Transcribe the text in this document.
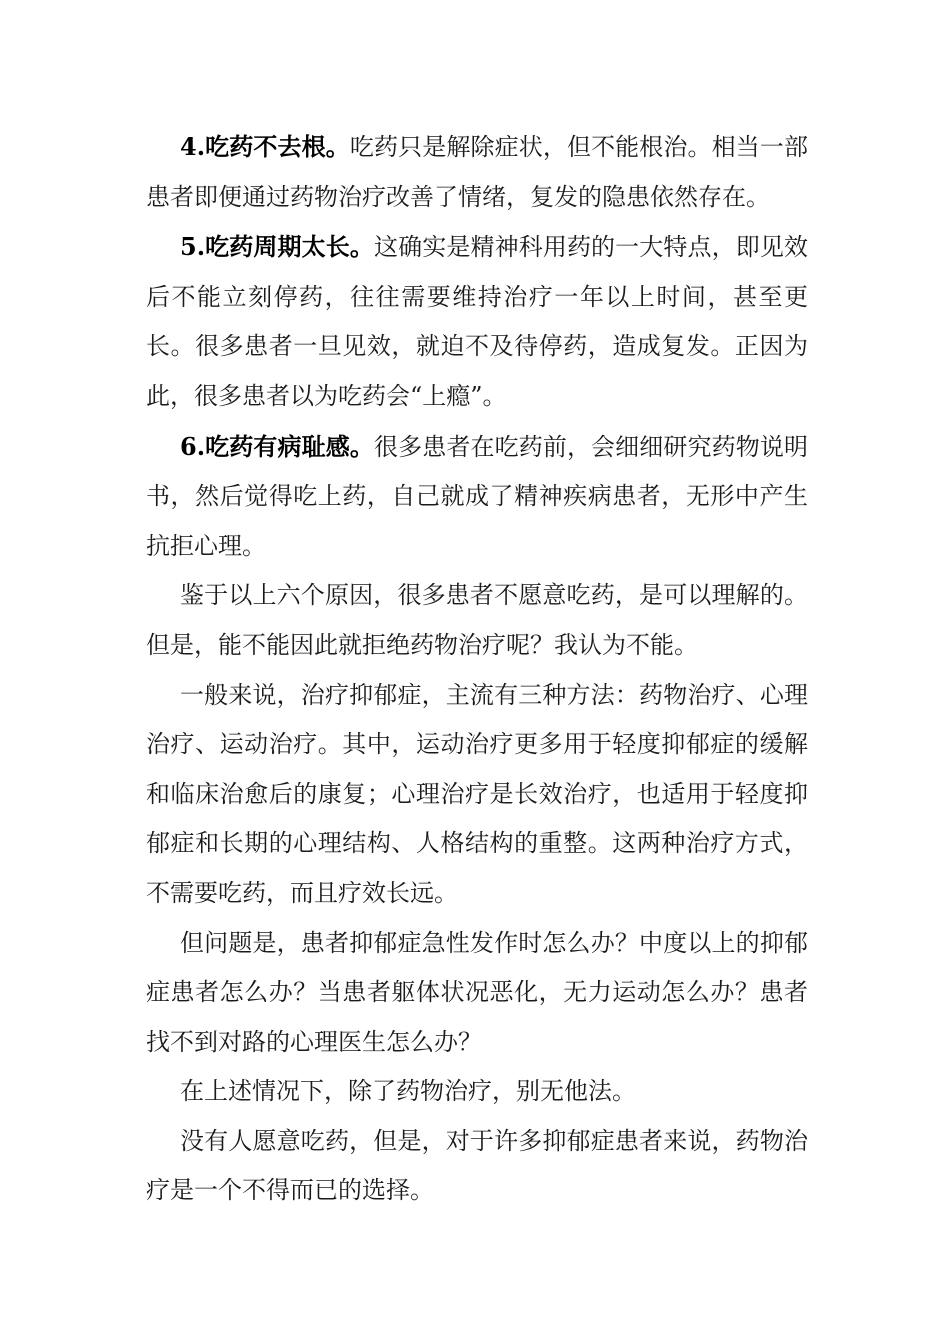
4.吃药不去根。吃药只是解除症状，但不能根治。相当一部患者即便通过药物治疗改善了情绪，复发的隐患依然存在。

5.吃药周期太长。这确实是精神科用药的一大特点，即见效后不能立刻停药，往往需要维持治疗一年以上时间，甚至更长。很多患者一旦见效，就迫不及待停药，造成复发。正因为此，很多患者以为吃药会“上瘾”。

6.吃药有病耻感。很多患者在吃药前，会细细研究药物说明书，然后觉得吃上药，自己就成了精神疾病患者，无形中产生抗拒心理。

鉴于以上六个原因，很多患者不愿意吃药，是可以理解的。但是，能不能因此就拒绝药物治疗呢？我认为不能。

一般来说，治疗抑郁症，主流有三种方法：药物治疗、心理治疗、运动治疗。其中，运动治疗更多用于轻度抑郁症的缓解和临床治愈后的康复；心理治疗是长效治疗，也适用于轻度抑郁症和长期的心理结构、人格结构的重整。这两种治疗方式，不需要吃药，而且疗效长远。

但问题是，患者抑郁症急性发作时怎么办？中度以上的抑郁症患者怎么办？当患者躯体状况恶化，无力运动怎么办？患者找不到对路的心理医生怎么办？

在上述情况下，除了药物治疗，别无他法。

没有人愿意吃药，但是，对于许多抑郁症患者来说，药物治疗是一个不得而已的选择。
